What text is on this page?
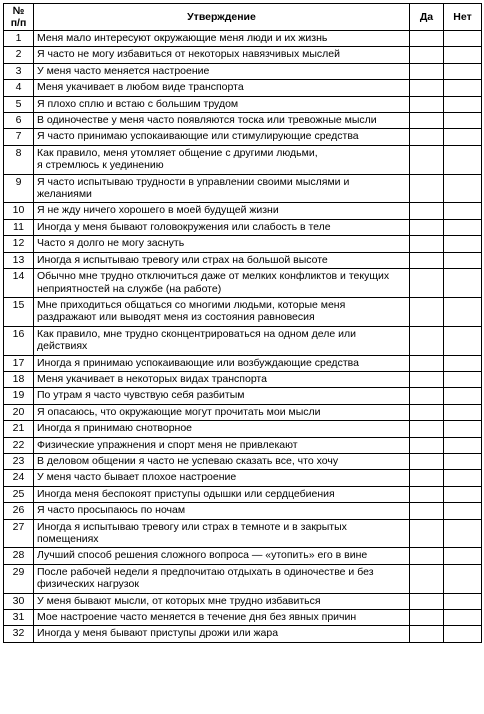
№
п/п	Утверждение	Да	Нет
1	Меня мало интересуют окружающие меня люди и их жизнь		
2	Я часто не могу избавиться от некоторых навязчивых мыслей		
3	У меня часто меняется настроение		
4	Меня укачивает в любом виде транспорта		
5	Я плохо сплю и встаю с большим трудом		
6	В одиночестве у меня часто появляются тоска или тревожные мысли		
7	Я часто принимаю успокаивающие или стимулирующие средства		
8	Как правило, меня утомляет общение с другими людьми,
я стремлюсь к уединению		
9	Я часто испытываю трудности в управлении своими мыслями и желаниями		
10	Я не жду ничего хорошего в моей будущей жизни		
11	Иногда у меня бывают головокружения или слабость в теле		
12	Часто я долго не могу заснуть		
13	Иногда я испытываю тревогу или страх на большой высоте		
14	Обычно мне трудно отключиться даже от мелких конфликтов и текущих неприятностей на службе (на работе)		
15	Мне приходиться общаться со многими людьми, которые меня раздражают или выводят меня из состояния равновесия		
16	Как правило, мне трудно сконцентрироваться на одном деле или действиях		
17	Иногда я принимаю успокаивающие или возбуждающие средства		
18	Меня укачивает в некоторых видах транспорта		
19	По утрам я часто чувствую себя разбитым		
20	Я опасаюсь, что окружающие могут прочитать мои мысли		
21	Иногда я принимаю снотворное		
22	Физические упражнения и спорт меня не привлекают		
23	В деловом общении я часто не успеваю сказать все, что хочу		
24	У меня часто бывает плохое настроение		
25	Иногда меня беспокоят приступы одышки или сердцебиения		
26	Я часто просыпаюсь по ночам		
27	Иногда я испытываю тревогу или страх в темноте и в закрытых помещениях		
28	Лучший способ решения сложного вопроса — «утопить» его в вине		
29	После рабочей недели я предпочитаю отдыхать в одиночестве и без физических нагрузок		
30	У меня бывают мысли, от которых мне трудно избавиться		
31	Мое настроение часто меняется в течение дня без явных причин		
32	Иногда у меня бывают приступы дрожи или жара		
